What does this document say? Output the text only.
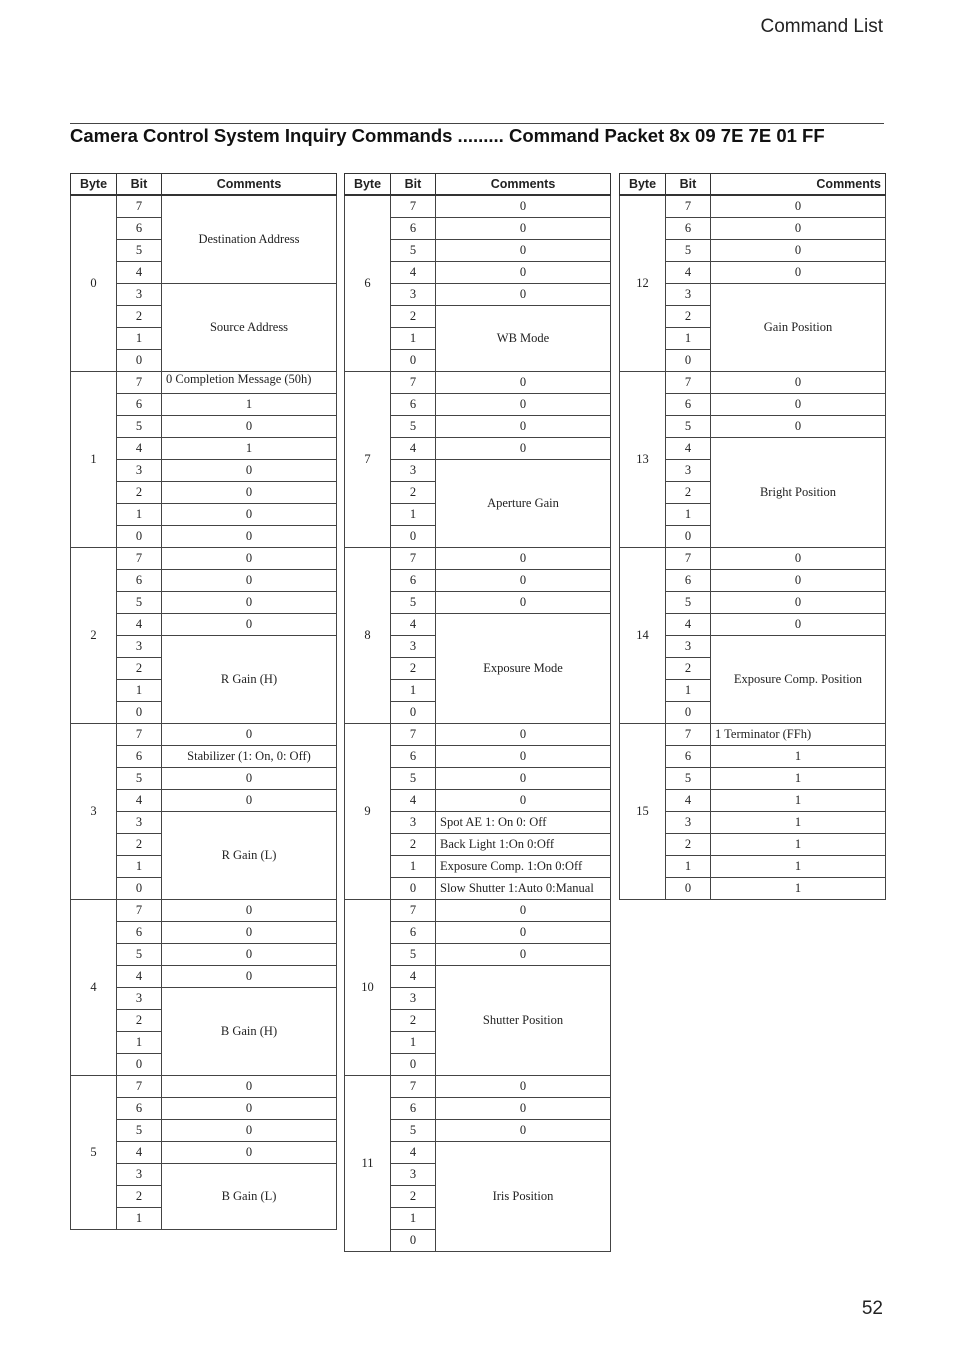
Command List
Camera Control System Inquiry Commands ......... Command Packet 8x 09 7E 7E 01 FF
Byte	Bit	Comments
0	7	Destination Address
	6	
	5	
	4	
	3	Source Address
	2	
	1	
	0	
1	7	0 Completion Message (50h)

	6	1
	5	0
	4	1
	3	0
	2	0
	1	0
	0	0
2	7	0
	6	0
	5	0
	4	0
	3	R Gain (H)
	2	
	1	
	0	
3	7	0
	6	Stabilizer (1: On, 0: Off)
	5	0
	4	0
	3	R Gain (L)
	2	
	1	
	0	
4	7	0
	6	0
	5	0
	4	0
	3	B Gain (H)
	2	
	1	
	0	
5	7	0
	6	0
	5	0
	4	0
	3	B Gain (L)
	2	
	1	
Byte	Bit	Comments
6	7	0
	6	0
	5	0
	4	0
	3	0
	2	WB Mode
	1	
	0	
7	7	0
	6	0
	5	0
	4	0
	3	Aperture Gain
	2	
	1	
	0	
8	7	0
	6	0
	5	0
	4	Exposure Mode
	3	
	2	
	1	
	0	
9	7	0
	6	0
	5	0
	4	0
	3	Spot AE 1: On 0: Off
	2	Back Light 1:On 0:Off
	1	Exposure Comp. 1:On 0:Off
	0	Slow Shutter 1:Auto 0:Manual
10	7	0
	6	0
	5	0
	4	Shutter Position
	3	
	2	
	1	
	0	
11	7	0
	6	0
	5	0
	4	Iris Position
	3	
	2	
	1	
	0	
Byte	Bit	Comments
12	7	0
	6	0
	5	0
	4	0
	3	Gain Position
	2	
	1	
	0	
13	7	0
	6	0
	5	0
	4	Bright Position
	3	
	2	
	1	
	0	
14	7	0
	6	0
	5	0
	4	0
	3	Exposure Comp. Position
	2	
	1	
	0	
15	7	1 Terminator (FFh)
	6	1
	5	1
	4	1
	3	1
	2	1
	1	1
	0	1
52
